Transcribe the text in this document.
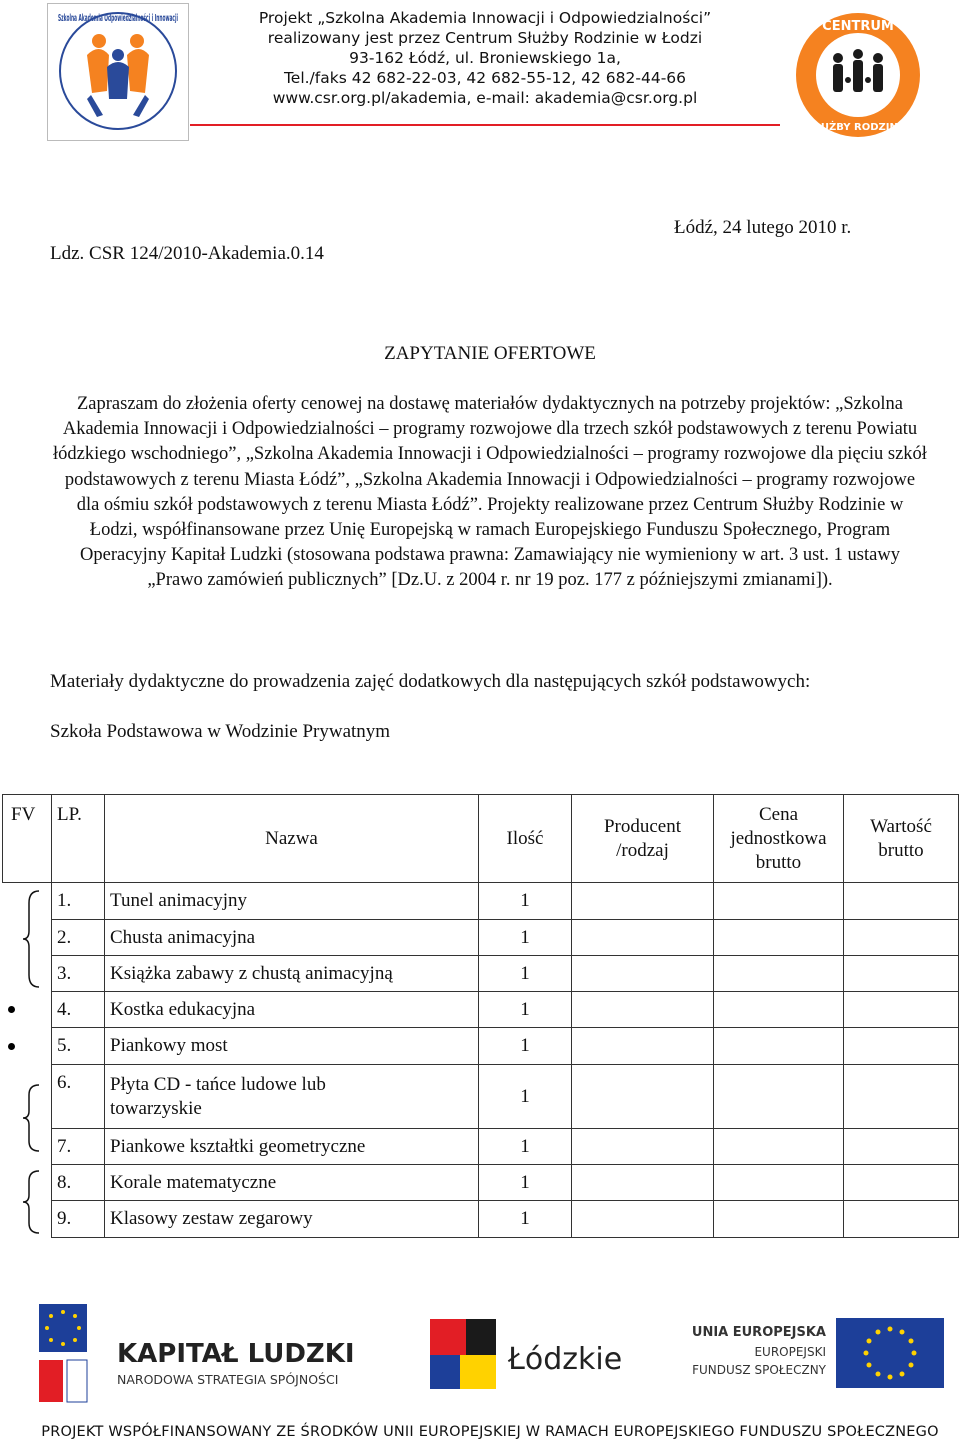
Szkolna Akademia Odpowiedzialności i Innowacji
Projekt „Szkolna Akademia Innowacji i Odpowiedzialności”
realizowany jest przez Centrum Służby Rodzinie w Łodzi
93-162 Łódź, ul. Broniewskiego 1a,
Tel./faks 42 682-22-03, 42 682-55-12, 42 682-44-66
www.csr.org.pl/akademia, e-mail: akademia@csr.org.pl
CENTRUM
SŁUŻBY RODZINIE
Ldz. CSR 124/2010-Akademia.0.14
Łódź, 24 lutego 2010 r.
ZAPYTANIE OFERTOWE
Zapraszam do złożenia oferty cenowej na dostawę materiałów dydaktycznych na potrzeby projektów: „Szkolna Akademia Innowacji i Odpowiedzialności – programy rozwojowe dla trzech szkół podstawowych z terenu Powiatu łódzkiego wschodniego”, „Szkolna Akademia Innowacji i Odpowiedzialności – programy rozwojowe dla pięciu szkół podstawowych z terenu Miasta Łódź”, „Szkolna Akademia Innowacji i Odpowiedzialności – programy rozwojowe dla ośmiu szkół podstawowych z terenu Miasta Łódź”. Projekty realizowane przez Centrum Służby Rodzinie w Łodzi, współfinansowane przez Unię Europejską w ramach Europejskiego Funduszu Społecznego, Program Operacyjny Kapitał Ludzki (stosowana podstawa prawna: Zamawiający nie wymieniony w art. 3 ust. 1 ustawy „Prawo zamówień publicznych” [Dz.U. z 2004 r. nr 19 poz. 177 z późniejszymi zmianami]).
Materiały dydaktyczne do prowadzenia zajęć dodatkowych dla następujących szkół podstawowych:
Szkoła Podstawowa w Wodzinie Prywatnym
FV	LP.	Nazwa	Ilość	Producent /rodzaj	Cena jednostkowa brutto	Wartość brutto

	1.	Tunel animacyjny	1			
	2.	Chusta animacyjna	1			
	3.	Książka zabawy z chustą animacyjną	1			

	4.	Kostka edukacyjna	1			

	5.	Piankowy most	1			

	6.	Płyta CD - tańce ludowe lub towarzyskie	1			
	7.	Piankowe kształtki geometryczne	1			

	8.	Korale matematyczne	1			
	9.	Klasowy zestaw zegarowy	1			
KAPITAŁ LUDZKI
NARODOWA STRATEGIA SPÓJNOŚCI
Łódzkie
UNIA EUROPEJSKA
EUROPEJSKI
FUNDUSZ SPOŁECZNY
PROJEKT WSPÓŁFINANSOWANY ZE ŚRODKÓW UNII EUROPEJSKIEJ W RAMACH EUROPEJSKIEGO FUNDUSZU SPOŁECZNEGO
